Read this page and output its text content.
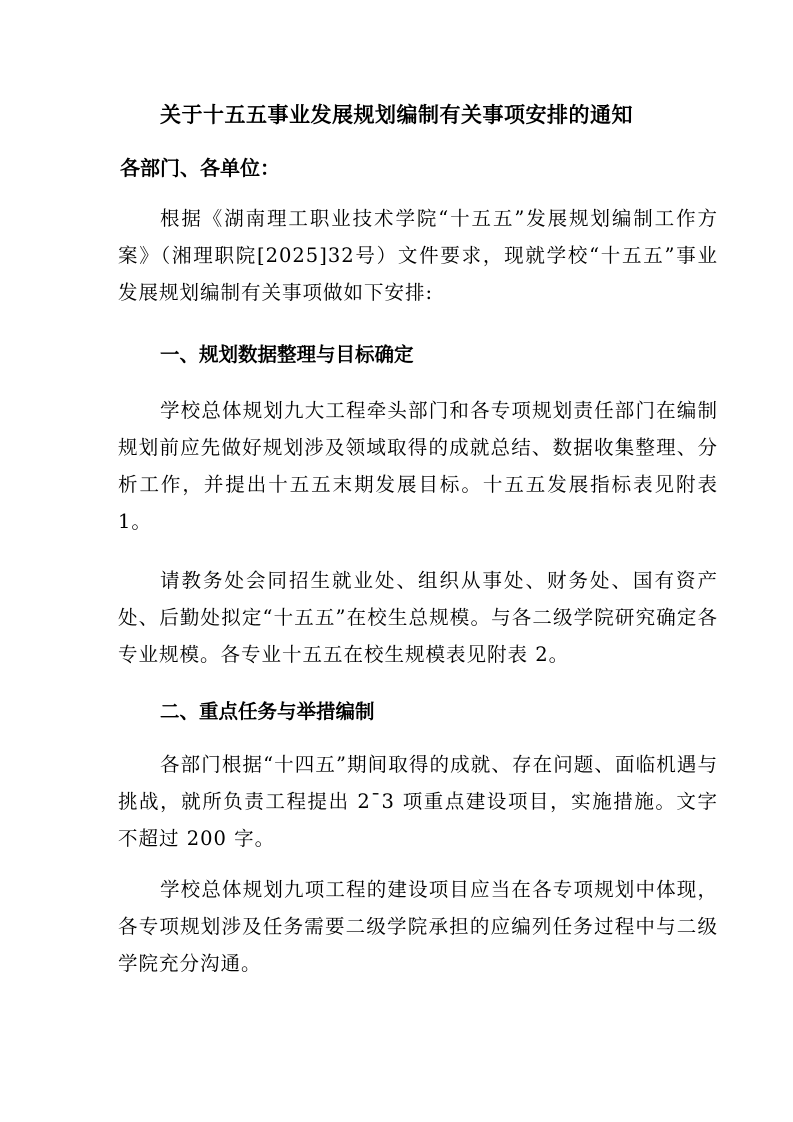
关于十五五事业发展规划编制有关事项安排的通知
各部门、各单位：

根据《湖南理工职业技术学院“十五五”发展规划编制工作方案》（湘理职院[2025]32号）文件要求，现就学校“十五五”事业发展规划编制有关事项做如下安排:

一、规划数据整理与目标确定

学校总体规划九大工程牵头部门和各专项规划责任部门在编制规划前应先做好规划涉及领域取得的成就总结、数据收集整理、分析工作，并提出十五五末期发展目标。十五五发展指标表见附表 1。

请教务处会同招生就业处、组织从事处、财务处、国有资产处、后勤处拟定“十五五”在校生总规模。与各二级学院研究确定各专业规模。各专业十五五在校生规模表见附表 2。

二、重点任务与举措编制

各部门根据“十四五”期间取得的成就、存在问题、面临机遇与挑战，就所负责工程提出 2¯3 项重点建设项目，实施措施。文字不超过 200 字。

学校总体规划九项工程的建设项目应当在各专项规划中体现，各专项规划涉及任务需要二级学院承担的应编列任务过程中与二级学院充分沟通。
